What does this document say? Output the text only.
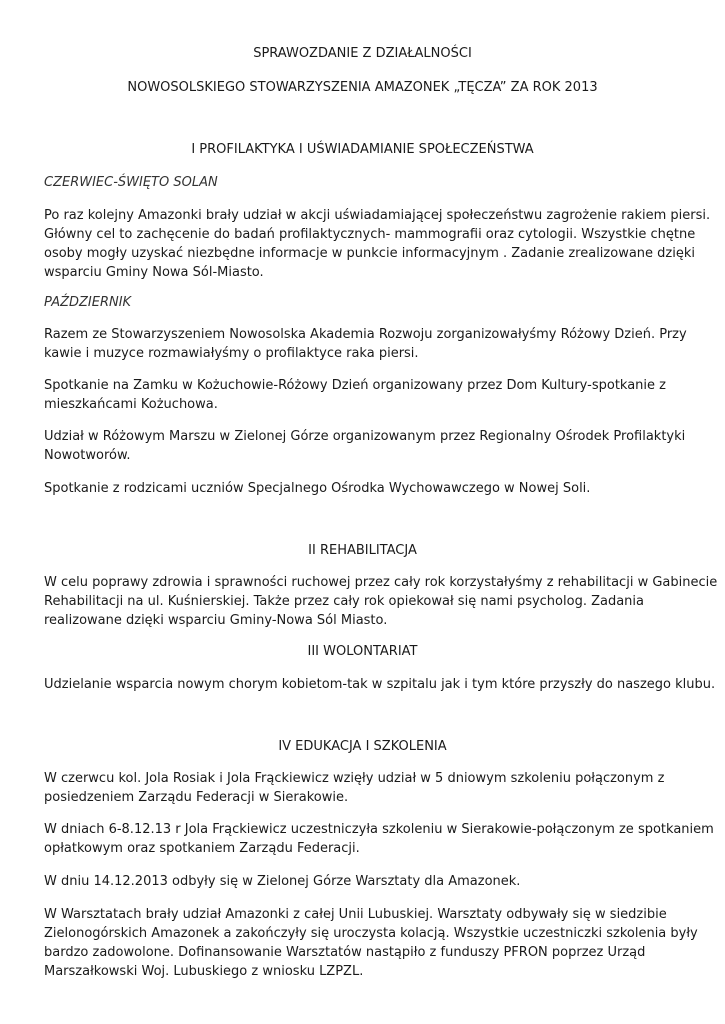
SPRAWOZDANIE Z DZIAŁALNOŚCI
NOWOSOLSKIEGO STOWARZYSZENIA AMAZONEK „TĘCZA” ZA ROK 2013
I PROFILAKTYKA I UŚWIADAMIANIE SPOŁECZEŃSTWA
CZERWIEC-ŚWIĘTO SOLAN
Po raz kolejny Amazonki brały udział w akcji uświadamiającej społeczeństwu zagrożenie rakiem piersi.
Główny cel to zachęcenie do badań profilaktycznych- mammografii oraz cytologii. Wszystkie chętne
osoby mogły uzyskać niezbędne informacje w punkcie informacyjnym . Zadanie zrealizowane dzięki
wsparciu Gminy Nowa Sól-Miasto.
PAŹDZIERNIK
Razem ze Stowarzyszeniem Nowosolska Akademia Rozwoju zorganizowałyśmy Różowy Dzień. Przy
kawie i muzyce rozmawiałyśmy o profilaktyce raka piersi.
Spotkanie na Zamku w Kożuchowie-Różowy Dzień organizowany przez Dom Kultury-spotkanie z
mieszkańcami Kożuchowa.
Udział w Różowym Marszu w Zielonej Górze organizowanym przez Regionalny Ośrodek Profilaktyki
Nowotworów.
Spotkanie z rodzicami uczniów Specjalnego Ośrodka Wychowawczego w Nowej Soli.
II REHABILITACJA
W celu poprawy zdrowia i sprawności ruchowej przez cały rok korzystałyśmy z rehabilitacji w Gabinecie
Rehabilitacji na ul. Kuśnierskiej. Także przez cały rok opiekował się nami psycholog. Zadania
realizowane dzięki wsparciu Gminy-Nowa Sól Miasto.
III WOLONTARIAT
Udzielanie wsparcia nowym chorym kobietom-tak w szpitalu jak i tym które przyszły do naszego klubu.
IV EDUKACJA I SZKOLENIA
W czerwcu kol. Jola Rosiak i Jola Frąckiewicz wzięły udział w 5 dniowym szkoleniu połączonym z
posiedzeniem Zarządu Federacji w Sierakowie.
W dniach 6-8.12.13 r Jola Frąckiewicz uczestniczyła szkoleniu w Sierakowie-połączonym ze spotkaniem
opłatkowym oraz spotkaniem Zarządu Federacji.
W dniu 14.12.2013 odbyły się w Zielonej Górze Warsztaty dla Amazonek.
W Warsztatach brały udział Amazonki z całej Unii Lubuskiej. Warsztaty odbywały się w siedzibie
Zielonogórskich Amazonek a zakończyły się uroczysta kolacją. Wszystkie uczestniczki szkolenia były
bardzo zadowolone. Dofinansowanie Warsztatów nastąpiło z funduszy PFRON poprzez Urząd
Marszałkowski Woj. Lubuskiego z wniosku LZPZL.
